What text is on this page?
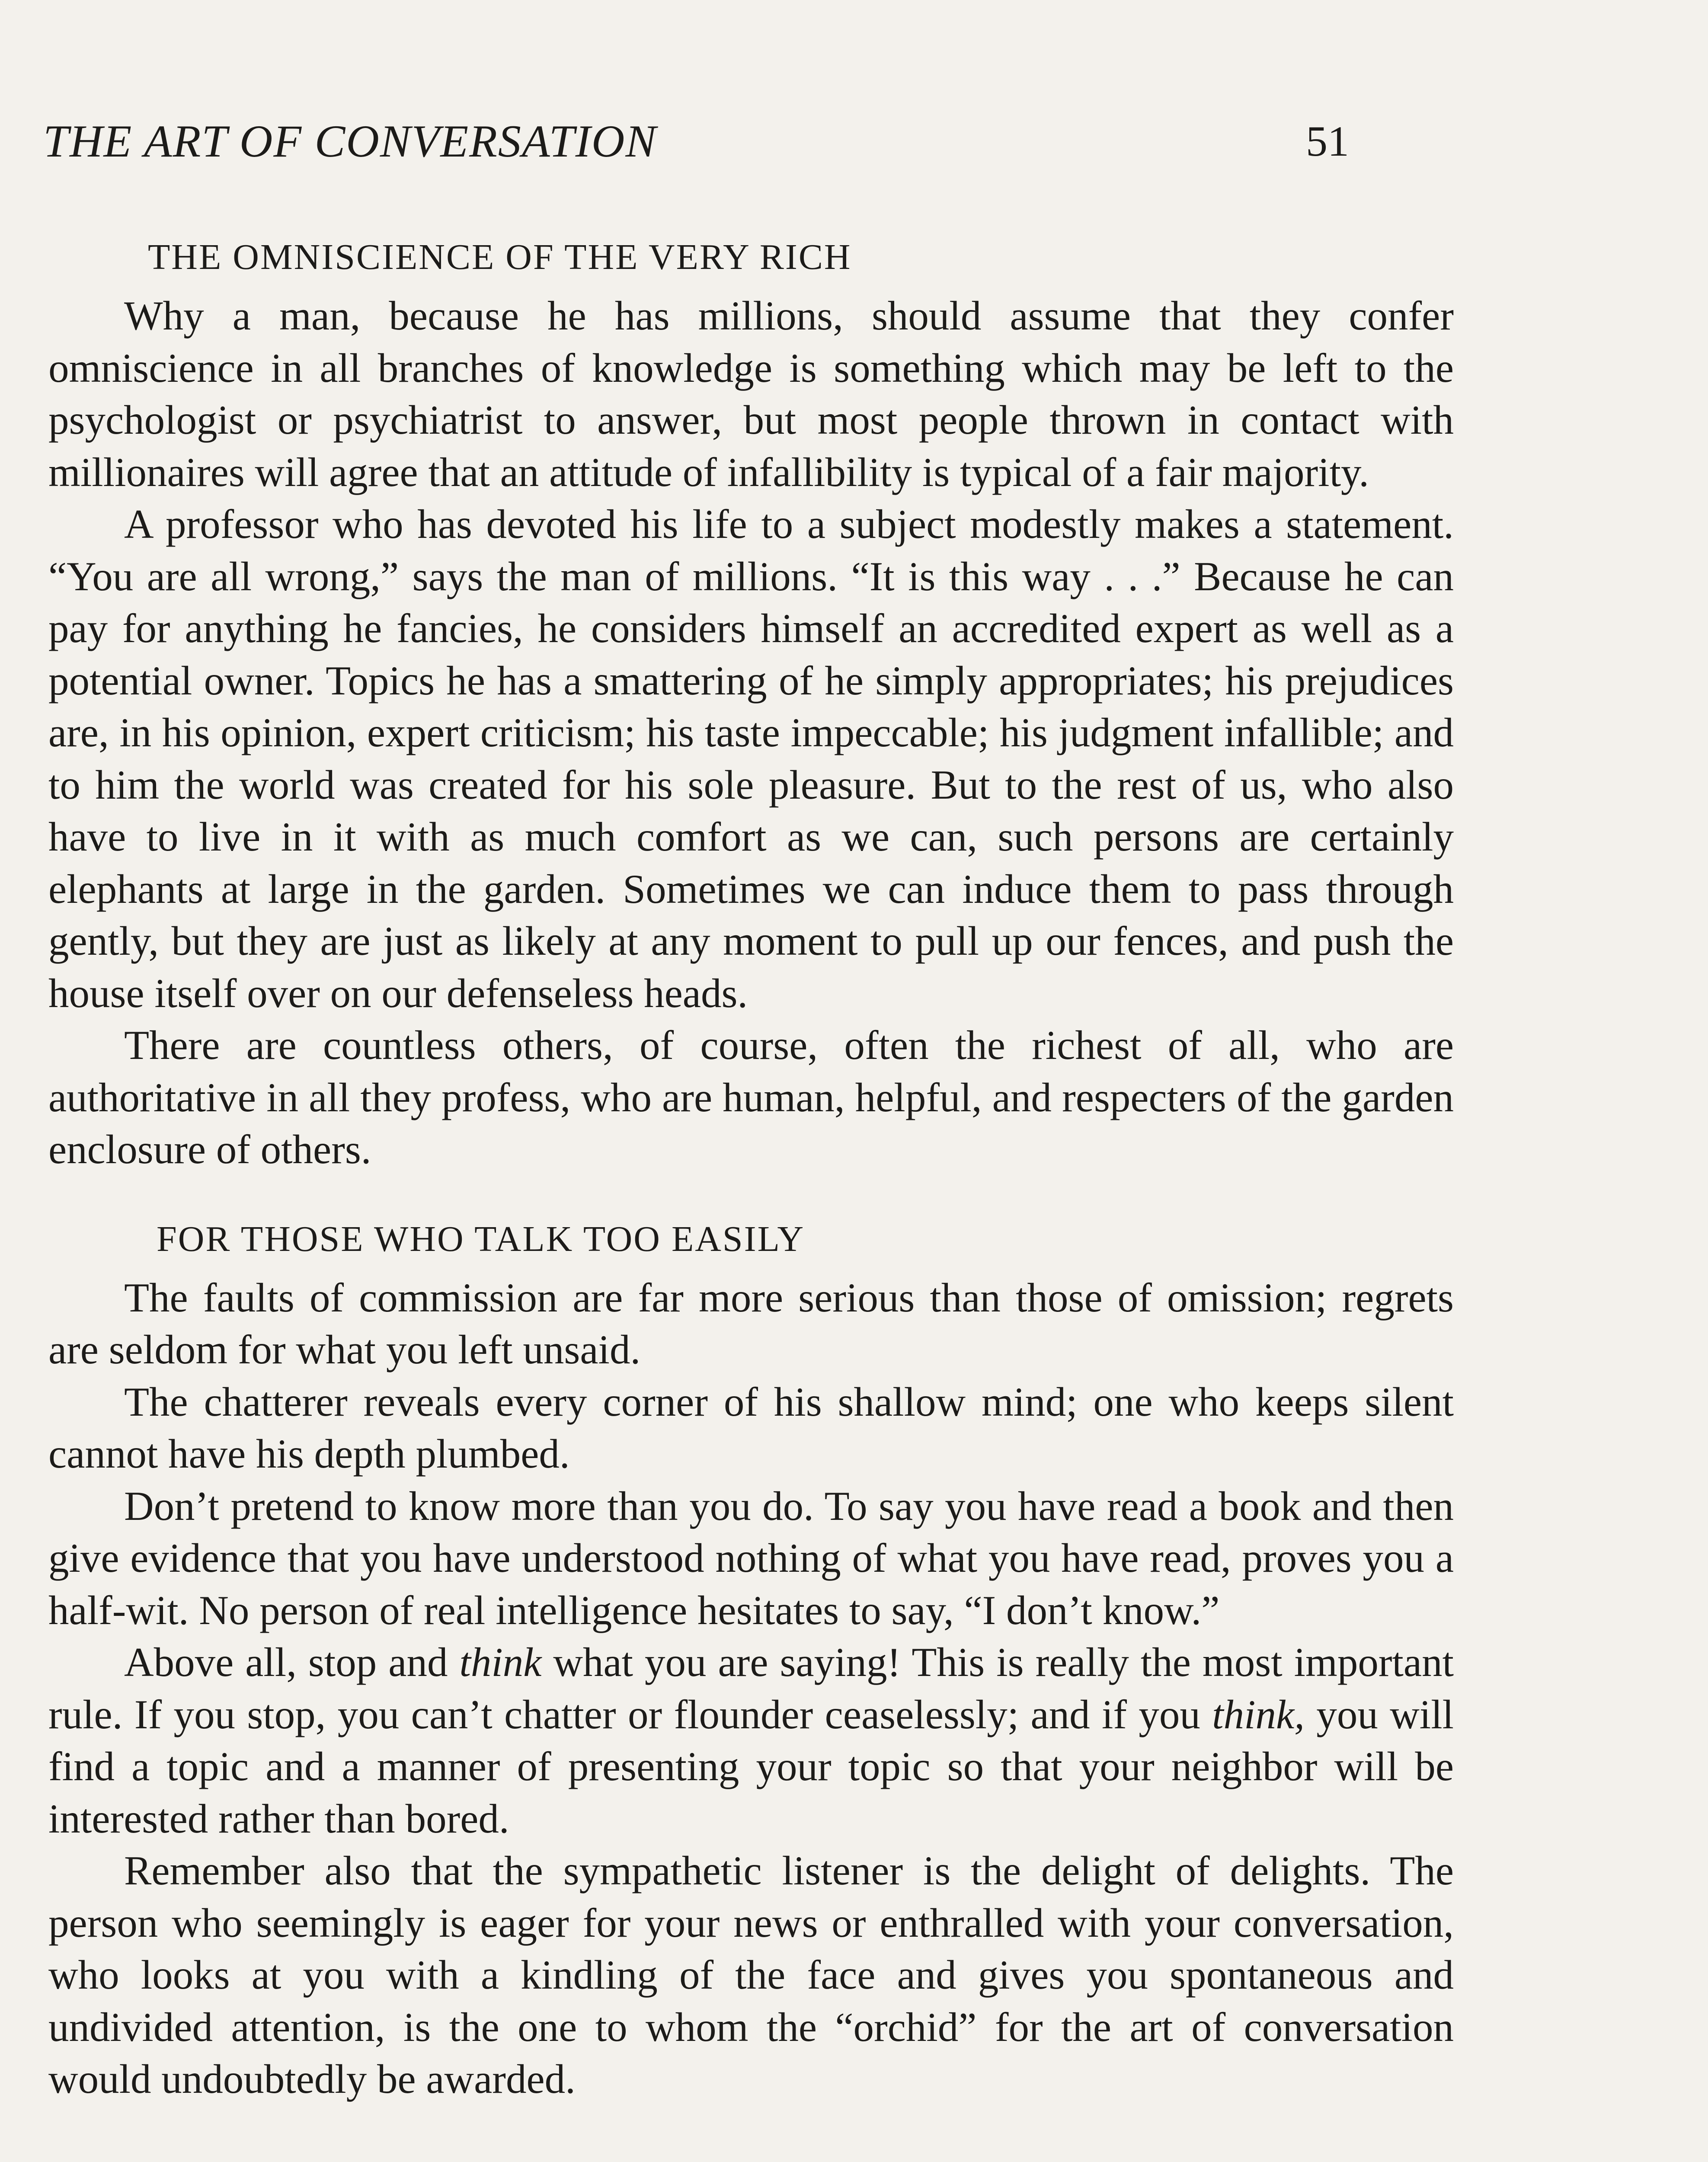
THE ART OF CONVERSATION	51
THE OMNISCIENCE OF THE VERY RICH

Why a man, because he has millions, should assume that they confer omniscience in all branches of knowledge is something which may be left to the psychologist or psychiatrist to answer, but most people thrown in contact with millionaires will agree that an attitude of infallibility is typical of a fair majority.

A professor who has devoted his life to a subject modestly makes a statement. “You are all wrong,” says the man of millions. “It is this way . . .” Because he can pay for anything he fancies, he considers himself an accredited expert as well as a potential owner. Topics he has a smattering of he simply appropriates; his prejudices are, in his opinion, expert criticism; his taste impeccable; his judgment infallible; and to him the world was created for his sole pleasure. But to the rest of us, who also have to live in it with as much comfort as we can, such persons are certainly elephants at large in the garden. Sometimes we can induce them to pass through gently, but they are just as likely at any moment to pull up our fences, and push the house itself over on our defenseless heads.

There are countless others, of course, often the richest of all, who are authoritative in all they profess, who are human, helpful, and respecters of the garden enclosure of others.

FOR THOSE WHO TALK TOO EASILY

The faults of commission are far more serious than those of omission; regrets are seldom for what you left unsaid.

The chatterer reveals every corner of his shallow mind; one who keeps silent cannot have his depth plumbed.

Don’t pretend to know more than you do. To say you have read a book and then give evidence that you have understood nothing of what you have read, proves you a half-wit. No person of real intelligence hesitates to say, “I don’t know.”

Above all, stop and think what you are saying! This is really the most important rule. If you stop, you can’t chatter or flounder ceaselessly; and if you think, you will find a topic and a manner of presenting your topic so that your neighbor will be interested rather than bored.

Remember also that the sympathetic listener is the delight of delights. The person who seemingly is eager for your news or enthralled with your conversation, who looks at you with a kindling of the face and gives you spontaneous and undivided attention, is the one to whom the “orchid” for the art of conversation would undoubtedly be awarded.
